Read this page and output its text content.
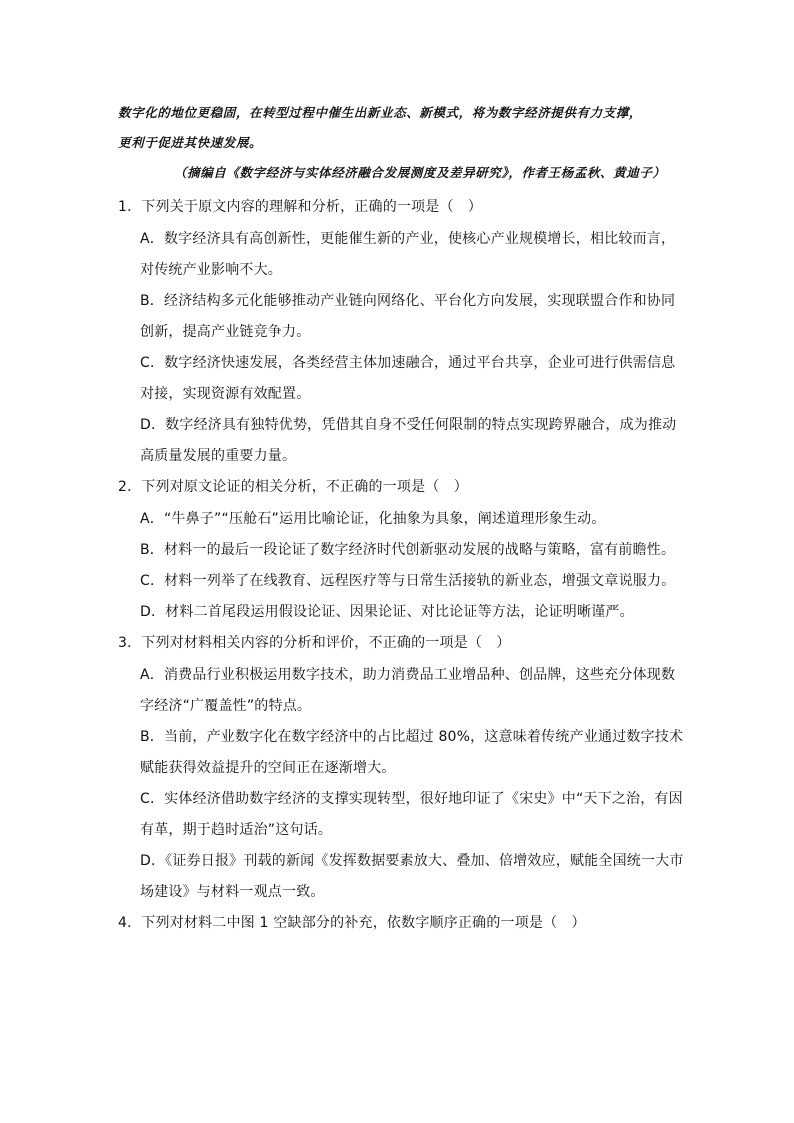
数字化的地位更稳固，在转型过程中催生出新业态、新模式，将为数字经济提供有力支撑，
更利于促进其快速发展。
（摘编自《数字经济与实体经济融合发展测度及差异研究》，作者王杨孟秋、黄迪子）
1．下列关于原文内容的理解和分析，正确的一项是（　）
A．数字经济具有高创新性，更能催生新的产业，使核心产业规模增长，相比较而言，
对传统产业影响不大。
B．经济结构多元化能够推动产业链向网络化、平台化方向发展，实现联盟合作和协同
创新，提高产业链竞争力。
C．数字经济快速发展，各类经营主体加速融合，通过平台共享，企业可进行供需信息
对接，实现资源有效配置。
D．数字经济具有独特优势，凭借其自身不受任何限制的特点实现跨界融合，成为推动
高质量发展的重要力量。
2．下列对原文论证的相关分析，不正确的一项是（　）
A．“牛鼻子”“压舱石”运用比喻论证，化抽象为具象，阐述道理形象生动。
B．材料一的最后一段论证了数字经济时代创新驱动发展的战略与策略，富有前瞻性。
C．材料一列举了在线教育、远程医疗等与日常生活接轨的新业态，增强文章说服力。
D．材料二首尾段运用假设论证、因果论证、对比论证等方法，论证明晰谨严。
3．下列对材料相关内容的分析和评价，不正确的一项是（　）
A．消费品行业积极运用数字技术，助力消费品工业增品种、创品牌，这些充分体现数
字经济“广覆盖性”的特点。
B．当前，产业数字化在数字经济中的占比超过 80%，这意味着传统产业通过数字技术
赋能获得效益提升的空间正在逐渐增大。
C．实体经济借助数字经济的支撑实现转型，很好地印证了《宋史》中“天下之治，有因
有革，期于趋时适治”这句话。
D．《证券日报》刊载的新闻《发挥数据要素放大、叠加、倍增效应，赋能全国统一大市
场建设》与材料一观点一致。
4．下列对材料二中图 1 空缺部分的补充，依数字顺序正确的一项是（　）
